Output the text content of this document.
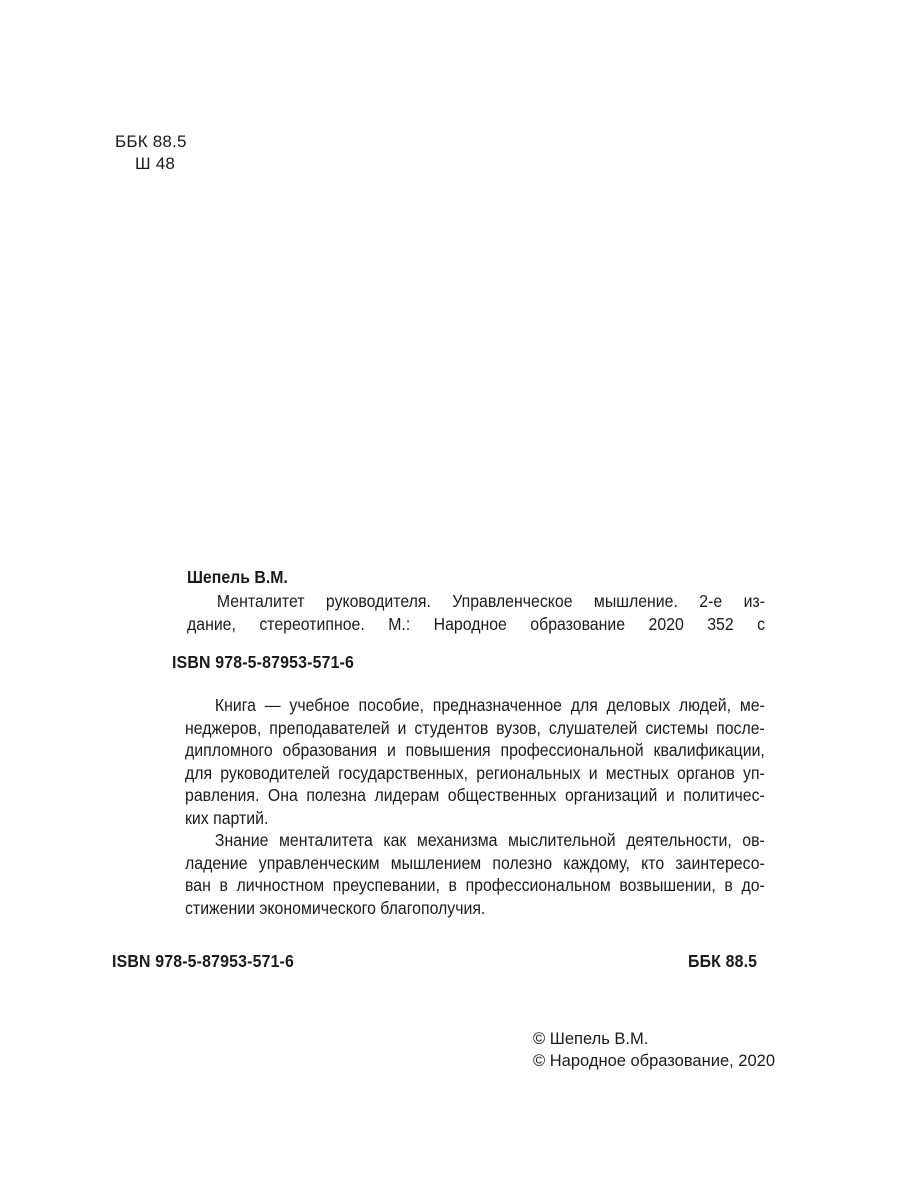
ББК 88.5
Ш 48
Шепель В.М.
Менталитет руководителя. Управленческое мышление. 2-е из-
дание, стереотипное. М.: Народное образование 2020 352 с
ISBN 978-5-87953-571-6
Книга — учебное пособие, предназначенное для деловых людей, ме-
неджеров, преподавателей и студентов вузов, слушателей системы после-
дипломного образования и повышения профессиональной квалификации,
для руководителей государственных, региональных и местных органов уп-
равления. Она полезна лидерам общественных организаций и политичес-
ких партий.
Знание менталитета как механизма мыслительной деятельности, ов-
ладение управленческим мышлением полезно каждому, кто заинтересо-
ван в личностном преуспевании, в профессиональном возвышении, в до-
стижении экономического благополучия.
ISBN 978-5-87953-571-6	ББК 88.5
© Шепель В.М.
© Народное образование, 2020
